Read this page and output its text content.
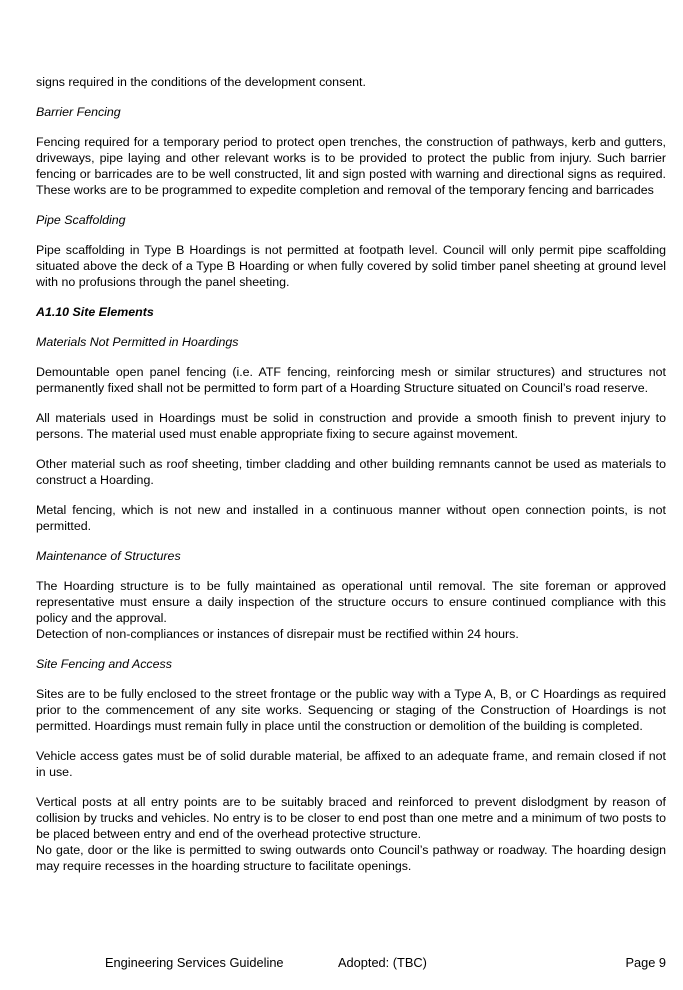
signs required in the conditions of the development consent.

Barrier Fencing

Fencing required for a temporary period to protect open trenches, the construction of pathways, kerb and gutters, driveways, pipe laying and other relevant works is to be provided to protect the public from injury. Such barrier fencing or barricades are to be well constructed, lit and sign posted with warning and directional signs as required. These works are to be programmed to expedite completion and removal of the temporary fencing and barricades

Pipe Scaffolding

Pipe scaffolding in Type B Hoardings is not permitted at footpath level. Council will only permit pipe scaffolding situated above the deck of a Type B Hoarding or when fully covered by solid timber panel sheeting at ground level with no profusions through the panel sheeting.

A1.10 Site Elements

Materials Not Permitted in Hoardings

Demountable open panel fencing (i.e. ATF fencing, reinforcing mesh or similar structures) and structures not permanently fixed shall not be permitted to form part of a Hoarding Structure situated on Council’s road reserve.

All materials used in Hoardings must be solid in construction and provide a smooth finish to prevent injury to persons. The material used must enable appropriate fixing to secure against movement.

Other material such as roof sheeting, timber cladding and other building remnants cannot be used as materials to construct a Hoarding.

Metal fencing, which is not new and installed in a continuous manner without open connection points, is not permitted.

Maintenance of Structures

The Hoarding structure is to be fully maintained as operational until removal. The site foreman or approved representative must ensure a daily inspection of the structure occurs to ensure continued compliance with this policy and the approval.

Detection of non-compliances or instances of disrepair must be rectified within 24 hours.

Site Fencing and Access

Sites are to be fully enclosed to the street frontage or the public way with a Type A, B, or C Hoardings as required prior to the commencement of any site works. Sequencing or staging of the Construction of Hoardings is not permitted. Hoardings must remain fully in place until the construction or demolition of the building is completed.

Vehicle access gates must be of solid durable material, be affixed to an adequate frame, and remain closed if not in use.

Vertical posts at all entry points are to be suitably braced and reinforced to prevent dislodgment by reason of collision by trucks and vehicles. No entry is to be closer to end post than one metre and a minimum of two posts to be placed between entry and end of the overhead protective structure.

No gate, door or the like is permitted to swing outwards onto Council’s pathway or roadway. The hoarding design may require recesses in the hoarding structure to facilitate openings.

Engineering Services Guideline	Adopted: (TBC)	Page 9
